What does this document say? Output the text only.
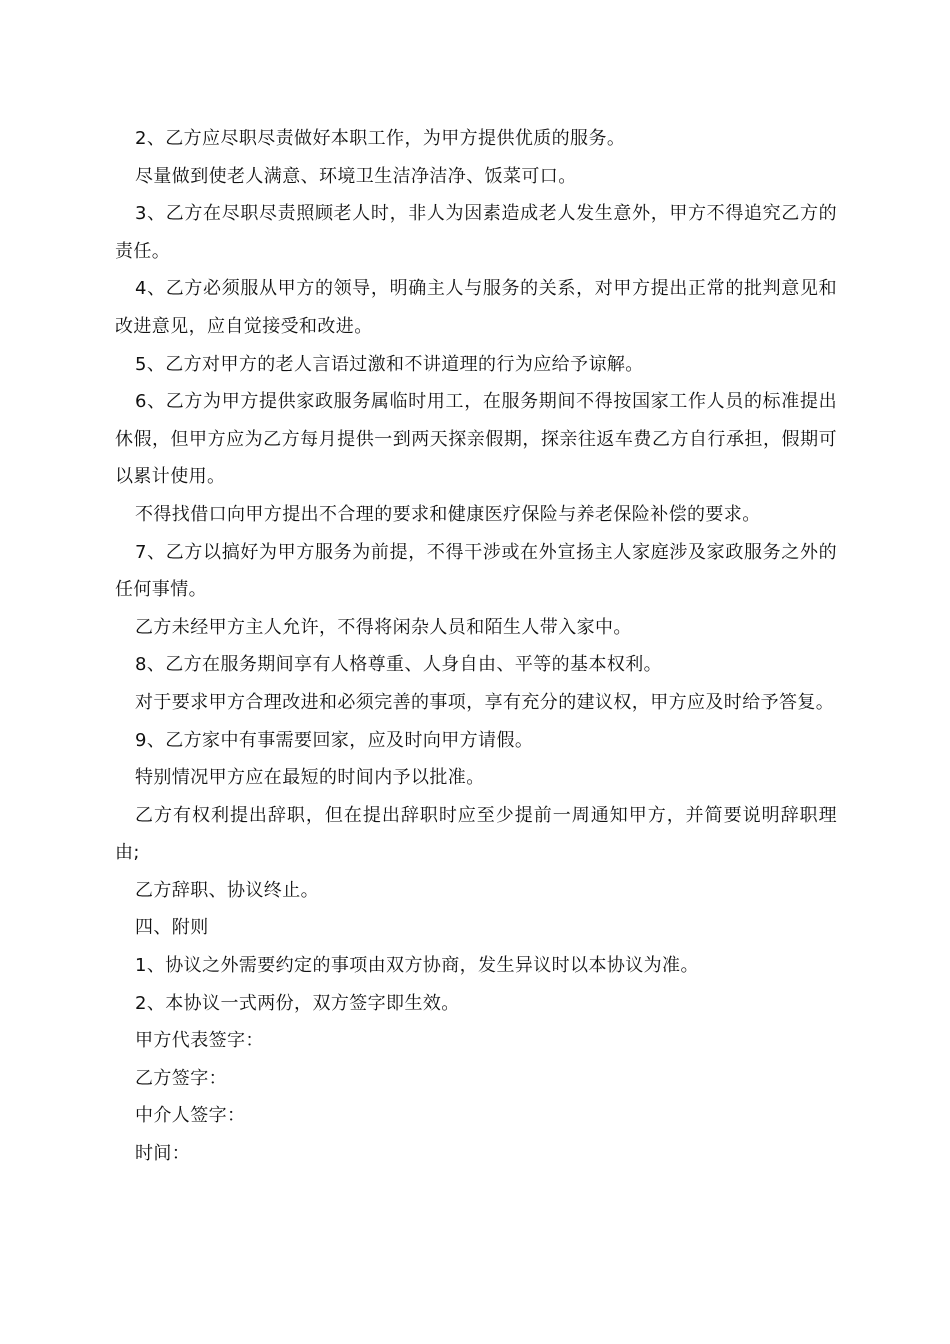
2、乙方应尽职尽责做好本职工作，为甲方提供优质的服务。

尽量做到使老人满意、环境卫生洁净洁净、饭菜可口。

3、乙方在尽职尽责照顾老人时，非人为因素造成老人发生意外，甲方不得追究乙方的责任。

4、乙方必须服从甲方的领导，明确主人与服务的关系，对甲方提出正常的批判意见和改进意见，应自觉接受和改进。

5、乙方对甲方的老人言语过激和不讲道理的行为应给予谅解。

6、乙方为甲方提供家政服务属临时用工，在服务期间不得按国家工作人员的标准提出休假，但甲方应为乙方每月提供一到两天探亲假期，探亲往返车费乙方自行承担，假期可以累计使用。

不得找借口向甲方提出不合理的要求和健康医疗保险与养老保险补偿的要求。

7、乙方以搞好为甲方服务为前提，不得干涉或在外宣扬主人家庭涉及家政服务之外的任何事情。

乙方未经甲方主人允许，不得将闲杂人员和陌生人带入家中。

8、乙方在服务期间享有人格尊重、人身自由、平等的基本权利。

对于要求甲方合理改进和必须完善的事项，享有充分的建议权，甲方应及时给予答复。

9、乙方家中有事需要回家，应及时向甲方请假。

特别情况甲方应在最短的时间内予以批准。

乙方有权利提出辞职，但在提出辞职时应至少提前一周通知甲方，并简要说明辞职理由;

乙方辞职、协议终止。

四、附则

1、协议之外需要约定的事项由双方协商，发生异议时以本协议为准。

2、本协议一式两份，双方签字即生效。

甲方代表签字：

乙方签字：

中介人签字：

时间：
